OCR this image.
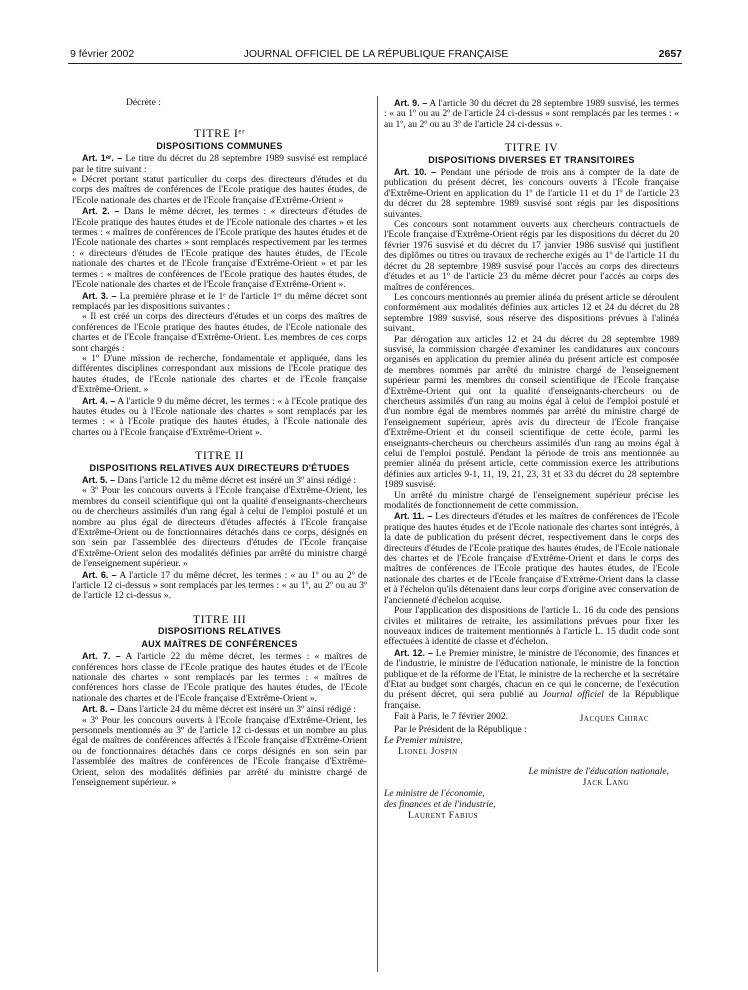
9 février 2002	JOURNAL OFFICIEL DE LA RÉPUBLIQUE FRANÇAISE	2657

Décrète :

TITRE Iᵉʳ
DISPOSITIONS COMMUNES

Art. 1ᵉʳ. – Le titre du décret du 28 septembre 1989 susvisé est remplacé par le titre suivant :

« Décret portant statut particulier du corps des directeurs d'études et du corps des maîtres de conférences de l'Ecole pratique des hautes études, de l'Ecole nationale des chartes et de l'Ecole française d'Extrême-Orient »

Art. 2. – Dans le même décret, les termes : « directeurs d'études de l'Ecole pratique des hautes études et de l'Ecole nationale des chartes » et les termes : « maîtres de conférences de l'Ecole pratique des hautes études et de l'Ecole nationale des chartes » sont remplacés respectivement par les termes : « directeurs d'études de l'Ecole pratique des hautes études, de l'Ecole nationale des chartes et de l'Ecole française d'Extrême-Orient » et par les termes : « maîtres de conférences de l'Ecole pratique des hautes études, de l'Ecole nationale des chartes et de l'Ecole française d'Extrême-Orient ».

Art. 3. – La première phrase et le 1ᵉ de l'article 1ᵉʳ du même décret sont remplacés par les dispositions suivantes :

« Il est créé un corps des directeurs d'études et un corps des maîtres de conférences de l'Ecole pratique des hautes études, de l'Ecole nationale des chartes et de l'Ecole française d'Extrême-Orient. Les membres de ces corps sont chargés :

« 1º D'une mission de recherche, fondamentale et appliquée, dans les différentes disciplines correspondant aux missions de l'Ecole pratique des hautes études, de l'Ecole nationale des chartes et de l'Ecole française d'Extrême-Orient. »

Art. 4. – A l'article 9 du même décret, les termes : « à l'Ecole pratique des hautes études ou à l'Ecole nationale des chartes » sont remplacés par les termes : « à l'Ecole pratique des hautes études, à l'Ecole nationale des chartes ou à l'Ecole française d'Extrême-Orient ».

TITRE II
DISPOSITIONS RELATIVES AUX DIRECTEURS D'ÉTUDES

Art. 5. – Dans l'article 12 du même décret est inséré un 3º ainsi rédigé :

« 3º Pour les concours ouverts à l'Ecole française d'Extrême-Orient, les membres du conseil scientifique qui ont la qualité d'enseignants-chercheurs ou de chercheurs assimilés d'un rang égal à celui de l'emploi postulé et un nombre au plus égal de directeurs d'études affectés à l'Ecole française d'Extrême-Orient ou de fonctionnaires détachés dans ce corps, désignés en son sein par l'assemblée des directeurs d'études de l'Ecole française d'Extrême-Orient selon des modalités définies par arrêté du ministre chargé de l'enseignement supérieur. »

Art. 6. – A l'article 17 du même décret, les termes : « au 1º ou au 2º de l'article 12 ci-dessus » sont remplacés par les termes : « au 1º, au 2º ou au 3º de l'article 12 ci-dessus ».

TITRE III
DISPOSITIONS RELATIVES
AUX MAÎTRES DE CONFÉRENCES

Art. 7. – A l'article 22 du même décret, les termes : « maîtres de conférences hors classe de l'Ecole pratique des hautes études et de l'Ecole nationale des chartes » sont remplacés par les termes : « maîtres de conférences hors classe de l'Ecole pratique des hautes études, de l'Ecole nationale des chartes et de l'Ecole française d'Extrême-Orient ».

Art. 8. – Dans l'article 24 du même décret est inséré un 3º ainsi rédigé :

« 3º Pour les concours ouverts à l'Ecole française d'Extrême-Orient, les personnels mentionnés au 3º de l'article 12 ci-dessus et un nombre au plus égal de maîtres de conférences affectés à l'Ecole française d'Extrême-Orient ou de fonctionnaires détachés dans ce corps désignés en son sein par l'assemblée des maîtres de conférences de l'Ecole française d'Extrême-Orient, selon des modalités définies par arrêté du ministre chargé de l'enseignement supérieur. »

Art. 9. – A l'article 30 du décret du 28 septembre 1989 susvisé, les termes : « au 1º ou au 2º de l'article 24 ci-dessus » sont remplacés par les termes : « au 1º, au 2º ou au 3º de l'article 24 ci-dessus ».

TITRE IV
DISPOSITIONS DIVERSES ET TRANSITOIRES

Art. 10. – Pendant une période de trois ans à compter de la date de publication du présent décret, les concours ouverts à l'Ecole française d'Extrême-Orient en application du 1º de l'article 11 et du 1º de l'article 23 du décret du 28 septembre 1989 susvisé sont régis par les dispositions suivantes.

Ces concours sont notamment ouverts aux chercheurs contractuels de l'Ecole française d'Extrême-Orient régis par les dispositions du décret du 20 février 1976 susvisé et du décret du 17 janvier 1986 susvisé qui justifient des diplômes ou titres ou travaux de recherche exigés au 1º de l'article 11 du décret du 28 septembre 1989 susvisé pour l'accès au corps des directeurs d'études et au 1º de l'article 23 du même décret pour l'accès au corps des maîtres de conférences.

Les concours mentionnés au premier alinéa du présent article se déroulent conformément aux modalités définies aux articles 12 et 24 du décret du 28 septembre 1989 susvisé, sous réserve des dispositions prévues à l'alinéa suivant.

Par dérogation aux articles 12 et 24 du décret du 28 septembre 1989 susvisé, la commission chargée d'examiner les candidatures aux concours organisés en application du premier alinéa du présent article est composée de membres nommés par arrêté du ministre chargé de l'enseignement supérieur parmi les membres du conseil scientifique de l'Ecole française d'Extrême-Orient qui ont la qualité d'enseignants-chercheurs ou de chercheurs assimilés d'un rang au moins égal à celui de l'emploi postulé et d'un nombre égal de membres nommés par arrêté du ministre chargé de l'enseignement supérieur, après avis du directeur de l'Ecole française d'Extrême-Orient et du conseil scientifique de cette école, parmi les enseignants-chercheurs ou chercheurs assimilés d'un rang au moins égal à celui de l'emploi postulé. Pendant la période de trois ans mentionnée au premier alinéa du présent article, cette commission exerce les attributions définies aux articles 9-1, 11, 19, 21, 23, 31 et 33 du décret du 28 septembre 1989 susvisé.

Un arrêté du ministre chargé de l'enseignement supérieur précise les modalités de fonctionnement de cette commission.

Art. 11. – Les directeurs d'études et les maîtres de conférences de l'Ecole pratique des hautes études et de l'Ecole nationale des chartes sont intégrés, à la date de publication du présent décret, respectivement dans le corps des directeurs d'études de l'Ecole pratique des hautes études, de l'Ecole nationale des chartes et de l'Ecole française d'Extrême-Orient et dans le corps des maîtres de conférences de l'Ecole pratique des hautes études, de l'Ecole nationale des chartes et de l'Ecole française d'Extrême-Orient dans la classe et à l'échelon qu'ils détenaient dans leur corps d'origine avec conservation de l'ancienneté d'échelon acquise.

Pour l'application des dispositions de l'article L. 16 du code des pensions civiles et militaires de retraite, les assimilations prévues pour fixer les nouveaux indices de traitement mentionnés à l'article L. 15 dudit code sont effectuées à identité de classe et d'échelon.

Art. 12. – Le Premier ministre, le ministre de l'économie, des finances et de l'industrie, le ministre de l'éducation nationale, le ministre de la fonction publique et de la réforme de l'Etat, le ministre de la recherche et la secrétaire d'Etat au budget sont chargés, chacun en ce qui le concerne, de l'exécution du présent décret, qui sera publié au Journal officiel de la République française.

Fait à Paris, le 7 février 2002.	Jacques Chirac
Par le Président de la République :
Le Premier ministre,
Lionel Jospin
Le ministre de l'éducation nationale,
Jack Lang
Le ministre de l'économie,
des finances et de l'industrie,
Laurent Fabius
